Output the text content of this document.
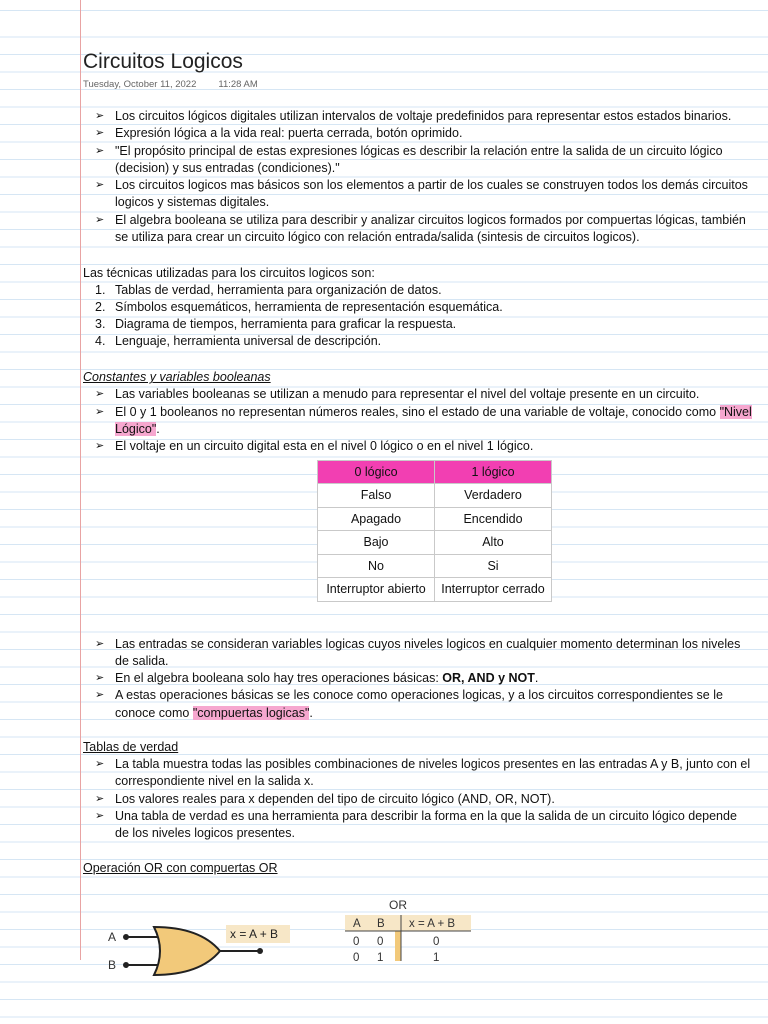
Circuitos Logicos
Tuesday, October 11, 2022 11:28 AM
➢ Los circuitos lógicos digitales utilizan intervalos de voltaje predefinidos para representar estos estados binarios.
➢ Expresión lógica a la vida real: puerta cerrada, botón oprimido.
➢ "El propósito principal de estas expresiones lógicas es describir la relación entre la salida de un circuito lógico (decision) y sus entradas (condiciones)."
➢ Los circuitos logicos mas básicos son los elementos a partir de los cuales se construyen todos los demás circuitos logicos y sistemas digitales.
➢ El algebra booleana se utiliza para describir y analizar circuitos logicos formados por compuertas lógicas, también se utiliza para crear un circuito lógico con relación entrada/salida (sintesis de circuitos logicos).
Las técnicas utilizadas para los circuitos logicos son:
1. Tablas de verdad, herramienta para organización de datos.
2. Símbolos esquemáticos, herramienta de representación esquemática.
3. Diagrama de tiempos, herramienta para graficar la respuesta.
4. Lenguaje, herramienta universal de descripción.
Constantes y variables booleanas
➢ Las variables booleanas se utilizan a menudo para representar el nivel del voltaje presente en un circuito.
➢ El 0 y 1 booleanos no representan números reales, sino el estado de una variable de voltaje, conocido como "Nivel Lógico".
➢ El voltaje en un circuito digital esta en el nivel 0 lógico o en el nivel 1 lógico.
0 lógico	1 lógico
Falso	Verdadero
Apagado	Encendido
Bajo	Alto
No	Si
Interruptor abierto	Interruptor cerrado
➢ Las entradas se consideran variables logicas cuyos niveles logicos en cualquier momento determinan los niveles de salida.
➢ En el algebra booleana solo hay tres operaciones básicas: OR, AND y NOT.
➢ A estas operaciones básicas se les conoce como operaciones logicas, y a los circuitos correspondientes se le conoce como "compuertas logicas".
Tablas de verdad
➢ La tabla muestra todas las posibles combinaciones de niveles logicos presentes en las entradas A y B, junto con el correspondiente nivel en la salida x.
➢ Los valores reales para x dependen del tipo de circuito lógico (AND, OR, NOT).
➢ Una tabla de verdad es una herramienta para describir la forma en la que la salida de un circuito lógico depende de los niveles logicos presentes.
Operación OR con compuertas OR
A
B
x = A + B
OR
A B x = A + B
0 0	0
0 1	1
